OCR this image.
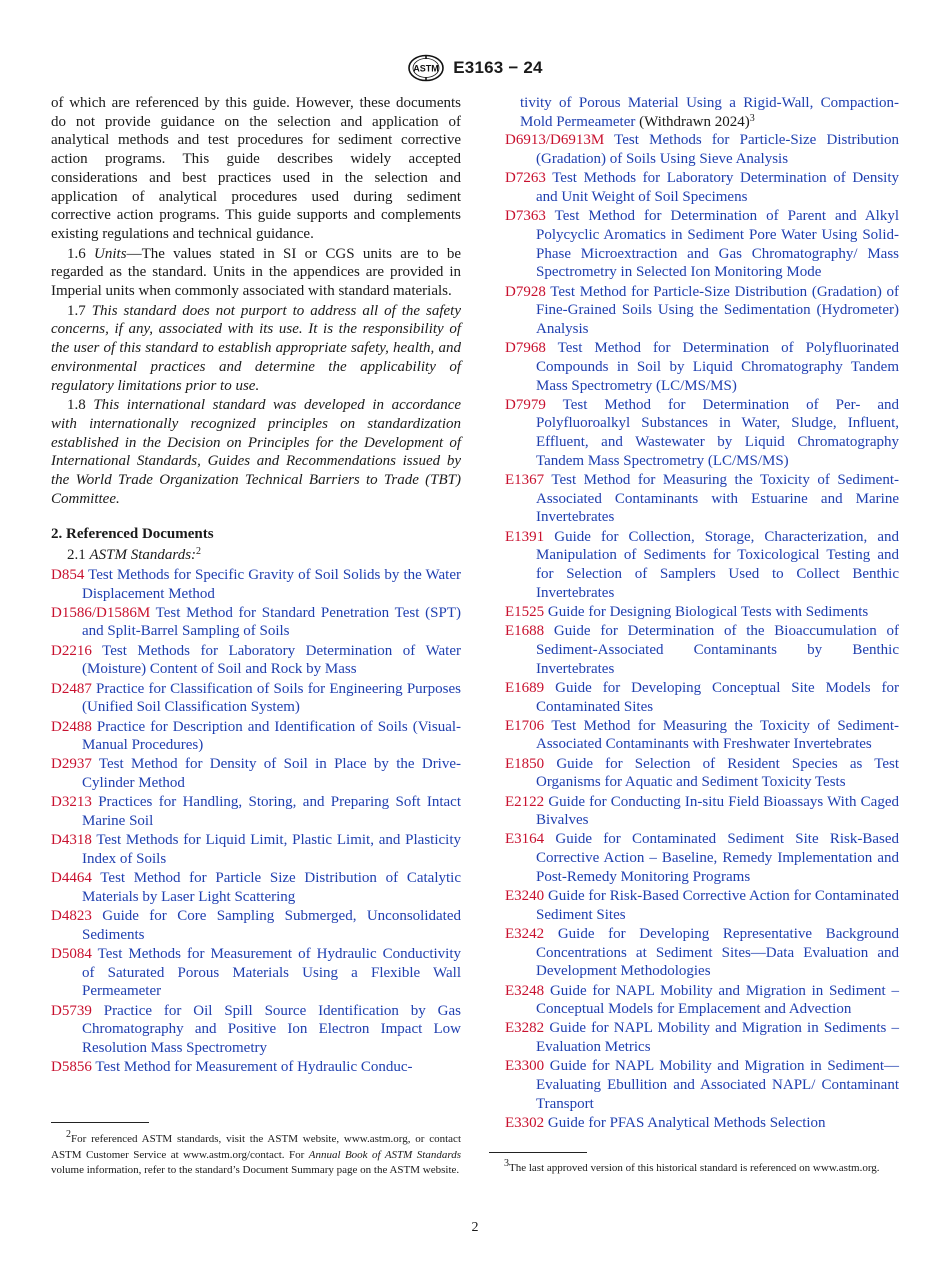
ASTM E3163 − 24

of which are referenced by this guide. However, these documents do not provide guidance on the selection and application of analytical methods and test procedures for sediment corrective action programs. This guide describes widely accepted considerations and best practices used in the selection and application of analytical procedures used during sediment corrective action programs. This guide supports and complements existing regulations and technical guidance.

1.6 Units—The values stated in SI or CGS units are to be regarded as the standard. Units in the appendices are provided in Imperial units when commonly associated with standard materials.

1.7 This standard does not purport to address all of the safety concerns, if any, associated with its use. It is the responsibility of the user of this standard to establish appropriate safety, health, and environmental practices and determine the applicability of regulatory limitations prior to use.

1.8 This international standard was developed in accordance with internationally recognized principles on standardization established in the Decision on Principles for the Development of International Standards, Guides and Recommendations issued by the World Trade Organization Technical Barriers to Trade (TBT) Committee.

2. Referenced Documents
2.1 ASTM Standards:$^2$
D854 Test Methods for Specific Gravity of Soil Solids by the Water Displacement Method
D1586/D1586M Test Method for Standard Penetration Test (SPT) and Split-Barrel Sampling of Soils
D2216 Test Methods for Laboratory Determination of Water (Moisture) Content of Soil and Rock by Mass
D2487 Practice for Classification of Soils for Engineering Purposes (Unified Soil Classification System)
D2488 Practice for Description and Identification of Soils (Visual-Manual Procedures)
D2937 Test Method for Density of Soil in Place by the Drive-Cylinder Method
D3213 Practices for Handling, Storing, and Preparing Soft Intact Marine Soil
D4318 Test Methods for Liquid Limit, Plastic Limit, and Plasticity Index of Soils
D4464 Test Method for Particle Size Distribution of Catalytic Materials by Laser Light Scattering
D4823 Guide for Core Sampling Submerged, Unconsolidated Sediments
D5084 Test Methods for Measurement of Hydraulic Conductivity of Saturated Porous Materials Using a Flexible Wall Permeameter
D5739 Practice for Oil Spill Source Identification by Gas Chromatography and Positive Ion Electron Impact Low Resolution Mass Spectrometry
D5856 Test Method for Measurement of Hydraulic Conduc-
tivity of Porous Material Using a Rigid-Wall, Compaction-Mold Permeameter (Withdrawn 2024)$^3$
D6913/D6913M Test Methods for Particle-Size Distribution (Gradation) of Soils Using Sieve Analysis
D7263 Test Methods for Laboratory Determination of Density and Unit Weight of Soil Specimens
D7363 Test Method for Determination of Parent and Alkyl Polycyclic Aromatics in Sediment Pore Water Using Solid-Phase Microextraction and Gas Chromatography/ Mass Spectrometry in Selected Ion Monitoring Mode
D7928 Test Method for Particle-Size Distribution (Gradation) of Fine-Grained Soils Using the Sedimentation (Hydrometer) Analysis
D7968 Test Method for Determination of Polyfluorinated Compounds in Soil by Liquid Chromatography Tandem Mass Spectrometry (LC/MS/MS)
D7979 Test Method for Determination of Per- and Polyfluoroalkyl Substances in Water, Sludge, Influent, Effluent, and Wastewater by Liquid Chromatography Tandem Mass Spectrometry (LC/MS/MS)
E1367 Test Method for Measuring the Toxicity of Sediment-Associated Contaminants with Estuarine and Marine Invertebrates
E1391 Guide for Collection, Storage, Characterization, and Manipulation of Sediments for Toxicological Testing and for Selection of Samplers Used to Collect Benthic Invertebrates
E1525 Guide for Designing Biological Tests with Sediments
E1688 Guide for Determination of the Bioaccumulation of Sediment-Associated Contaminants by Benthic Invertebrates
E1689 Guide for Developing Conceptual Site Models for Contaminated Sites
E1706 Test Method for Measuring the Toxicity of Sediment-Associated Contaminants with Freshwater Invertebrates
E1850 Guide for Selection of Resident Species as Test Organisms for Aquatic and Sediment Toxicity Tests
E2122 Guide for Conducting In-situ Field Bioassays With Caged Bivalves
E3164 Guide for Contaminated Sediment Site Risk-Based Corrective Action – Baseline, Remedy Implementation and Post-Remedy Monitoring Programs
E3240 Guide for Risk-Based Corrective Action for Contaminated Sediment Sites
E3242 Guide for Developing Representative Background Concentrations at Sediment Sites—Data Evaluation and Development Methodologies
E3248 Guide for NAPL Mobility and Migration in Sediment – Conceptual Models for Emplacement and Advection
E3282 Guide for NAPL Mobility and Migration in Sediments – Evaluation Metrics
E3300 Guide for NAPL Mobility and Migration in Sediment— Evaluating Ebullition and Associated NAPL/ Contaminant Transport
E3302 Guide for PFAS Analytical Methods Selection
$^2$For referenced ASTM standards, visit the ASTM website, www.astm.org, or contact ASTM Customer Service at www.astm.org/contact. For Annual Book of ASTM Standards volume information, refer to the standard’s Document Summary page on the ASTM website.
$^3$The last approved version of this historical standard is referenced on www.astm.org.
2
